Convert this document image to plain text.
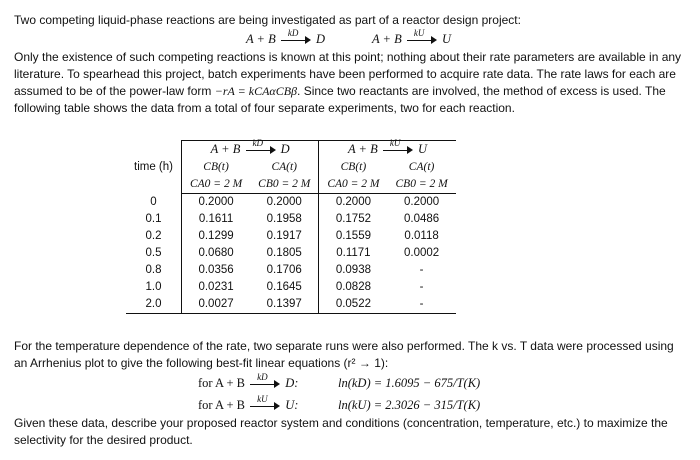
Two competing liquid-phase reactions are being investigated as part of a reactor design project:
A + B kD D	A + B kU U
Only the existence of such competing reactions is known at this point; nothing about their rate parameters are available in any literature. To spearhead this project, batch experiments have been performed to acquire rate data. The rate laws for each are assumed to be of the power-law form −rA = kCAαCBβ. Since two reactants are involved, the method of excess is used. The following table shows the data from a total of four separate experiments, two for each reaction.
time (h)	A + B kD D		A + B kU U	
	CB(t)	CA(t)	CB(t)	CA(t)
	CA0 = 2 M	CB0 = 2 M	CA0 = 2 M	CB0 = 2 M
0	0.2000	0.2000	0.2000	0.2000
0.1	0.1611	0.1958	0.1752	0.0486
0.2	0.1299	0.1917	0.1559	0.0118
0.5	0.0680	0.1805	0.1171	0.0002
0.8	0.0356	0.1706	0.0938	-
1.0	0.0231	0.1645	0.0828	-
2.0	0.0027	0.1397	0.0522	-
For the temperature dependence of the rate, two separate runs were also performed. The k vs. T data were processed using an Arrhenius plot to give the following best-fit linear equations (r² → 1):
for A + B kD D:	ln(kD) = 1.6095 − 675/T(K)
for A + B kU U:	ln(kU) = 2.3026 − 315/T(K)
Given these data, describe your proposed reactor system and conditions (concentration, temperature, etc.) to maximize the selectivity for the desired product.
